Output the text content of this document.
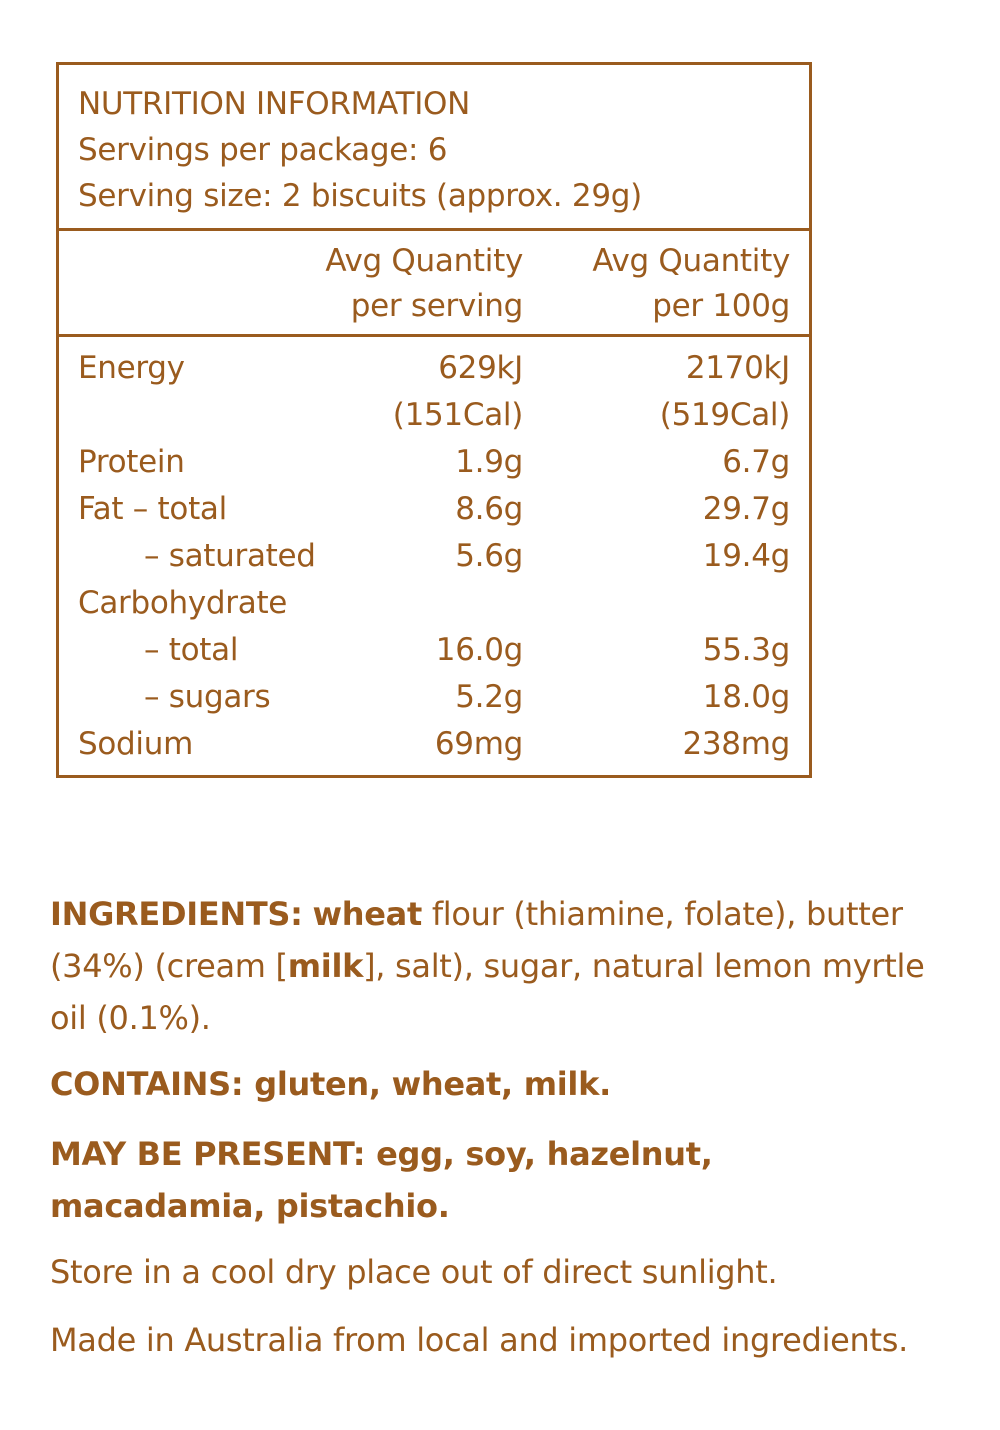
NUTRITION INFORMATION
Servings per package: 6
Serving size: 2 biscuits (approx. 29g)
Avg Quantity
per serving
Avg Quantity
per 100g
Energy	629kJ	2170kJ
(151Cal)	(519Cal)
Protein	1.9g	6.7g
Fat – total	8.6g	29.7g
– saturated	5.6g	19.4g
Carbohydrate
– total	16.0g	55.3g
– sugars	5.2g	18.0g
Sodium	69mg	238mg
INGREDIENTS: wheat flour (thiamine, folate), butter (34%) (cream [milk], salt), sugar, natural lemon myrtle oil (0.1%).
CONTAINS: gluten, wheat, milk.
MAY BE PRESENT: egg, soy, hazelnut,
macadamia, pistachio.
Store in a cool dry place out of direct sunlight.
Made in Australia from local and imported ingredients.
